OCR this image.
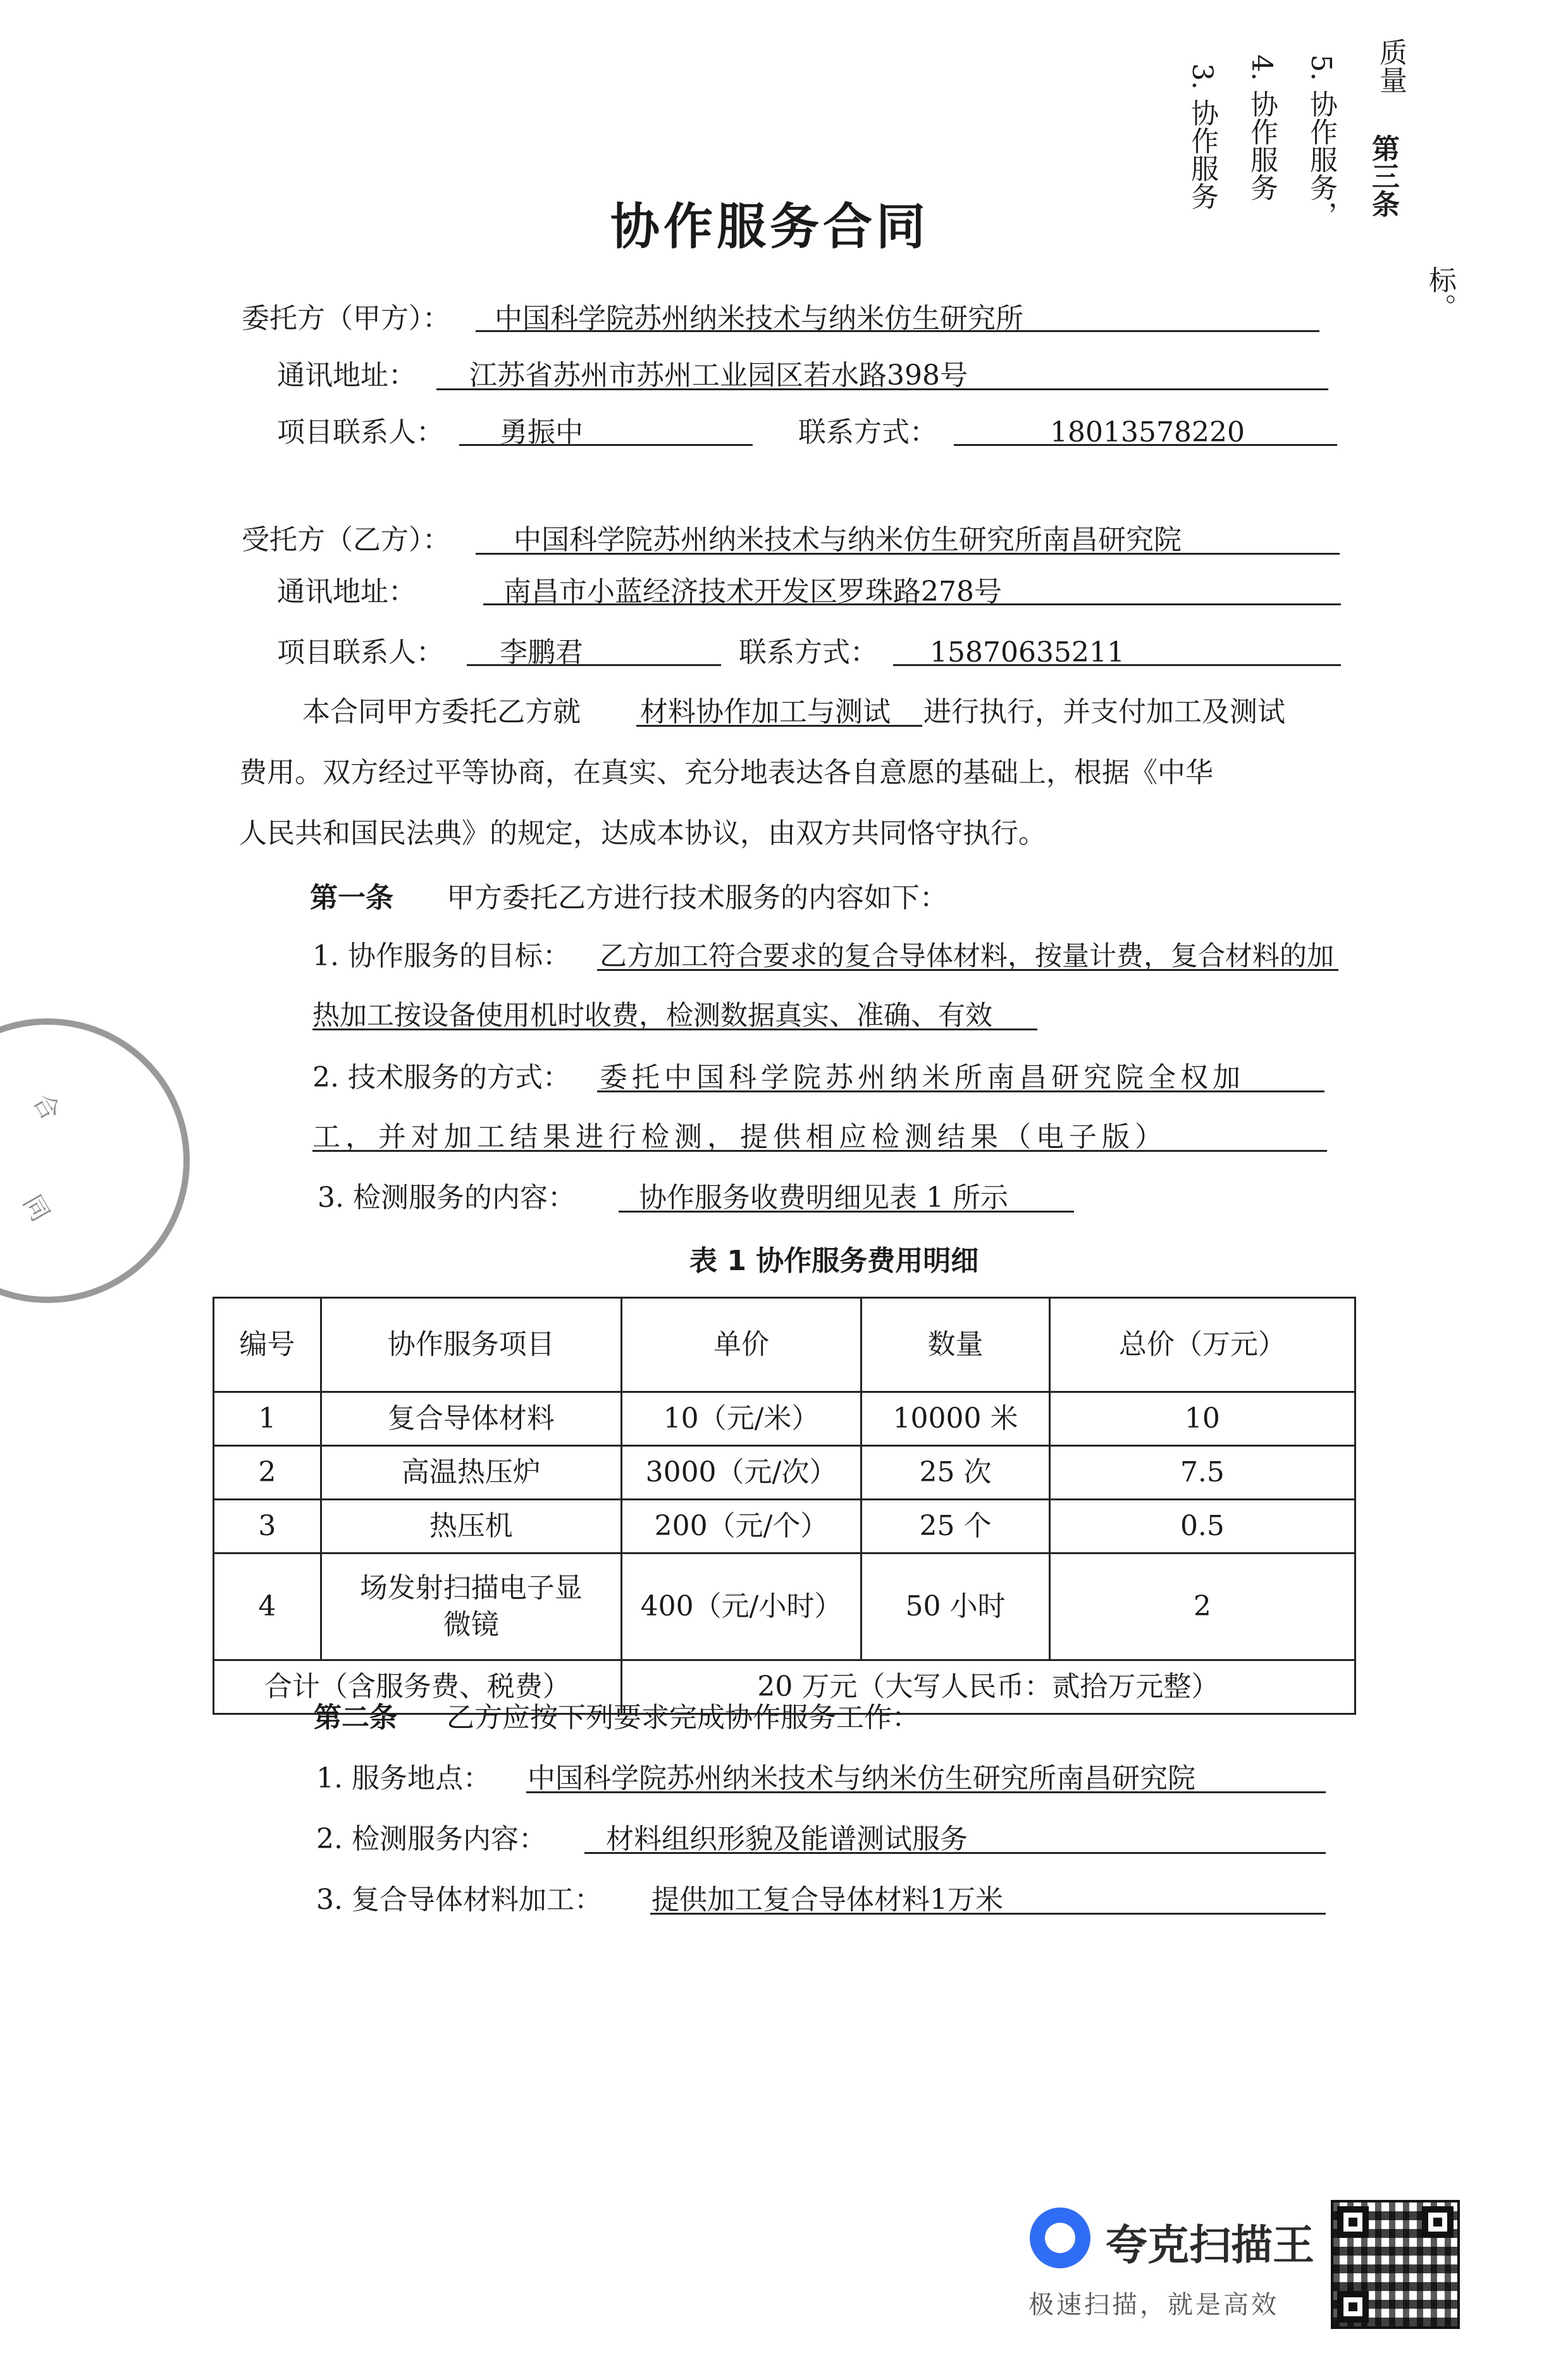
协作服务合同
3. 协作服务 4. 协作服务 5. 协作服务， 第三条
质量
标。
委托方（甲方）： 中国科学院苏州纳米技术与纳米仿生研究所
通讯地址： 江苏省苏州市苏州工业园区若水路398号
项目联系人： 勇振中	联系方式：	18013578220
受托方（乙方）： 中国科学院苏州纳米技术与纳米仿生研究所南昌研究院
通讯地址：	南昌市小蓝经济技术开发区罗珠路278号
项目联系人： 李鹏君	联系方式： 15870635211
本合同甲方委托乙方就 材料协作加工与测试 进行执行，并支付加工及测试
费用。双方经过平等协商，在真实、充分地表达各自意愿的基础上，根据《中华
人民共和国民法典》的规定，达成本协议，由双方共同恪守执行。
第一条 甲方委托乙方进行技术服务的内容如下：
1. 协作服务的目标： 乙方加工符合要求的复合导体材料，按量计费，复合材料的加
热加工按设备使用机时收费，检测数据真实、准确、有效
2. 技术服务的方式： 委托中国科学院苏州纳米所南昌研究院全权加
工，并对加工结果进行检测，提供相应检测结果（电子版）
3. 检测服务的内容： 协作服务收费明细见表 1 所示
表 1 协作服务费用明细
编号	协作服务项目	单价	数量	总价（万元）
1	复合导体材料	10（元/米）	10000 米	10
2	高温热压炉	3000（元/次）	25 次	7.5
3	热压机	200（元/个）	25 个	0.5
4	场发射扫描电子显
微镜	400（元/小时）	50 小时	2
合计（含服务费、税费）		20 万元（大写人民币：贰拾万元整）		
第二条 乙方应按下列要求完成协作服务工作：
1. 服务地点： 中国科学院苏州纳米技术与纳米仿生研究所南昌研究院
2. 检测服务内容： 材料组织形貌及能谱测试服务
3. 复合导体材料加工： 提供加工复合导体材料1万米
合
同
夸克扫描王
极速扫描，就是高效
